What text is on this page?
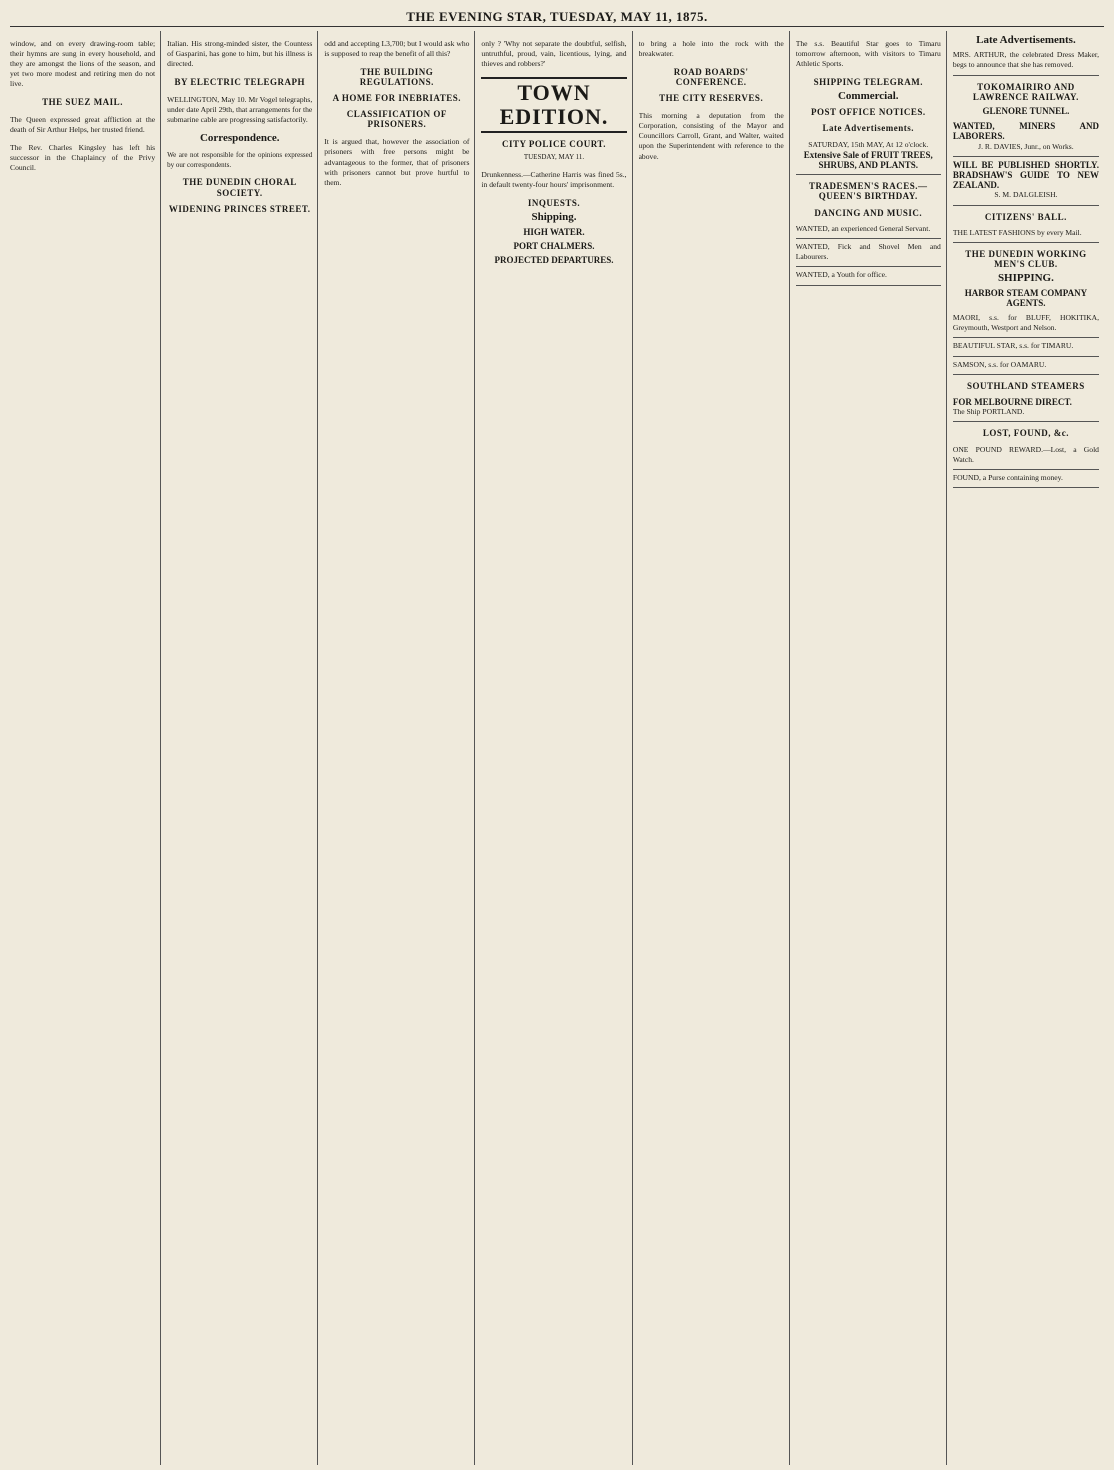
THE EVENING STAR, TUESDAY, MAY 11, 1875.

window, and on every drawing-room table; their hymns are sung in every household, and they are amongst the lions of the season, and yet two more modest and retiring men do not live.

THE SUEZ MAIL.

The Queen expressed great affliction at the death of Sir Arthur Helps, her trusted friend.

The Rev. Charles Kingsley has left his successor in the Chaplaincy of the Privy Council.

Italian. His strong-minded sister, the Countess of Gasparini, has gone to him, but his illness is directed.

BY ELECTRIC TELEGRAPH

WELLINGTON, May 10. Mr Vogel telegraphs, under date April 29th, that arrangements for the submarine cable are progressing satisfactorily.

Correspondence.

We are not responsible for the opinions expressed by our correspondents.

THE DUNEDIN CHORAL SOCIETY.
WIDENING PRINCES STREET.

odd and accepting L3,700; but I would ask who is supposed to reap the benefit of all this?

THE BUILDING REGULATIONS.
A HOME FOR INEBRIATES.
CLASSIFICATION OF PRISONERS.

It is argued that, however the association of prisoners with free persons might be advantageous to the former, that of prisoners with prisoners cannot but prove hurtful to them.

only ? 'Why not separate the doubtful, selfish, untruthful, proud, vain, licentious, lying, and thieves and robbers?'

TOWN EDITION.
CITY POLICE COURT.
TUESDAY, MAY 11.

Drunkenness.—Catherine Harris was fined 5s., in default twenty-four hours' imprisonment.

INQUESTS.
Shipping.
HIGH WATER.
PORT CHALMERS.
PROJECTED DEPARTURES.

to bring a hole into the rock with the breakwater.

ROAD BOARDS' CONFERENCE.
THE CITY RESERVES.

This morning a deputation from the Corporation, consisting of the Mayor and Councillors Carroll, Grant, and Walter, waited upon the Superintendent with reference to the above.

The s.s. Beautiful Star goes to Timaru tomorrow afternoon, with visitors to Timaru Athletic Sports.

SHIPPING TELEGRAM.
Commercial.
POST OFFICE NOTICES.
Late Advertisements.
SATURDAY, 15th MAY, At 12 o'clock.
Extensive Sale of FRUIT TREES, SHRUBS, AND PLANTS.
TRADESMEN'S RACES.—QUEEN'S BIRTHDAY.
DANCING AND MUSIC.
WANTED, an experienced General Servant.
WANTED, Fick and Shovel Men and Labourers.
WANTED, a Youth for office.
Late Advertisements.
MRS. ARTHUR, the celebrated Dress Maker, begs to announce that she has removed.
TOKOMAIRIRO AND LAWRENCE RAILWAY.
GLENORE TUNNEL.
WANTED, MINERS AND LABORERS.
J. R. DAVIES, Junr., on Works.
WILL BE PUBLISHED SHORTLY. BRADSHAW'S GUIDE TO NEW ZEALAND.
S. M. DALGLEISH.
CITIZENS' BALL.
THE LATEST FASHIONS by every Mail.
THE DUNEDIN WORKING MEN'S CLUB.
SHIPPING.
HARBOR STEAM COMPANY AGENTS.
MAORI, s.s. for BLUFF, HOKITIKA, Greymouth, Westport and Nelson.
BEAUTIFUL STAR, s.s. for TIMARU.
SAMSON, s.s. for OAMARU.
SOUTHLAND STEAMERS
FOR MELBOURNE DIRECT.
The Ship PORTLAND.
LOST, FOUND, &c.
ONE POUND REWARD.—Lost, a Gold Watch.
FOUND, a Purse containing money.
